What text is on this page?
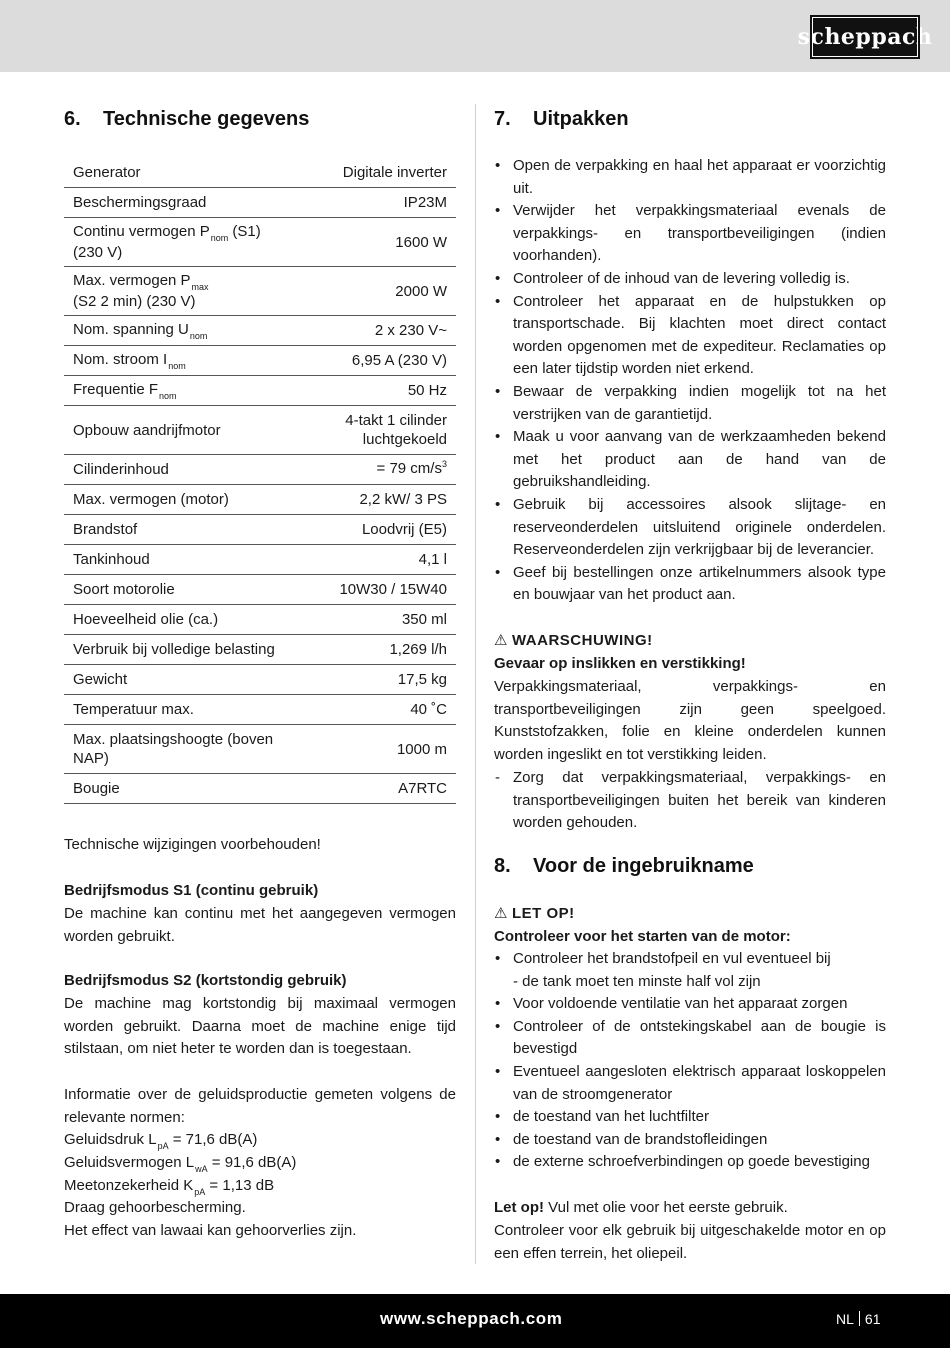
scheppach
6.	Technische gegevens
Generator	Digitale inverter
Beschermingsgraad	IP23M
Continu vermogen $P_{nom}$ (S1)
(230 V)	1600 W
Max. vermogen $P_{max}$
(S2 2 min) (230 V)	2000 W
Nom. spanning $U_{nom}$	2 x 230 V~
Nom. stroom $I_{nom}$	6,95 A (230 V)
Frequentie $F_{nom}$	50 Hz
Opbouw aandrijfmotor	4-takt 1 cilinder
luchtgekoeld
Cilinderinhoud	= 79 $cm/s^3$
Max. vermogen (motor)	2,2 kW/ 3 PS
Brandstof	Loodvrij (E5)
Tankinhoud	4,1 l
Soort motorolie	10W30 / 15W40
Hoeveelheid olie (ca.)	350 ml
Verbruik bij volledige belasting	1,269 l/h
Gewicht	17,5 kg
Temperatuur max.	40 ˚C
Max. plaatsingshoogte (boven
NAP)	1000 m
Bougie	A7RTC

Technische wijzigingen voorbehouden!

Bedrijfsmodus S1 (continu gebruik)

De machine kan continu met het aangegeven vermogen worden gebruikt.

Bedrijfsmodus S2 (kortstondig gebruik)

De machine mag kortstondig bij maximaal vermogen worden gebruikt. Daarna moet de machine enige tijd stilstaan, om niet heter te worden dan is toegestaan.

Informatie over de geluidsproductie gemeten volgens de relevante normen:

Geluidsdruk $L_{pA} = 71,6$ dB(A)

Geluidsvermogen $L_{wA} = 91,6$ dB(A)

Meetonzekerheid $K_{pA} = 1,13$ dB

Draag gehoorbescherming.

Het effect van lawaai kan gehoorverlies zijn.

7.	Uitpakken
• Open de verpakking en haal het apparaat er voorzichtig uit.
• Verwijder het verpakkingsmateriaal evenals de verpakkings- en transportbeveiligingen (indien voorhanden).
• Controleer of de inhoud van de levering volledig is.
• Controleer het apparaat en de hulpstukken op transportschade. Bij klachten moet direct contact worden opgenomen met de expediteur. Reclamaties op een later tijdstip worden niet erkend.
• Bewaar de verpakking indien mogelijk tot na het verstrijken van de garantietijd.
• Maak u voor aanvang van de werkzaamheden bekend met het product aan de hand van de gebruikshandleiding.
• Gebruik bij accessoires alsook slijtage- en reserveonderdelen uitsluitend originele onderdelen. Reserveonderdelen zijn verkrijgbaar bij de leverancier.
• Geef bij bestellingen onze artikelnummers alsook type en bouwjaar van het product aan.

⚠ WAARSCHUWING!

Gevaar op inslikken en verstikking!

Verpakkingsmateriaal, verpakkings- en transportbeveiligingen zijn geen speelgoed. Kunststofzakken, folie en kleine onderdelen kunnen worden ingeslikt en tot verstikking leiden.

- Zorg dat verpakkingsmateriaal, verpakkings- en transportbeveiligingen buiten het bereik van kinderen worden gehouden.
8.	Voor de ingebruikname

⚠ LET OP!

Controleer voor het starten van de motor:

• Controleer het brandstofpeil en vul eventueel bij
- de tank moet ten minste half vol zijn
• Voor voldoende ventilatie van het apparaat zorgen
• Controleer of de ontstekingskabel aan de bougie is bevestigd
• Eventueel aangesloten elektrisch apparaat loskoppelen van de stroomgenerator
• de toestand van het luchtfilter
• de toestand van de brandstofleidingen
• de externe schroefverbindingen op goede bevestiging

Let op! Vul met olie voor het eerste gebruik.

Controleer voor elk gebruik bij uitgeschakelde motor en op een effen terrein, het oliepeil.

www.scheppach.com	NL 61
